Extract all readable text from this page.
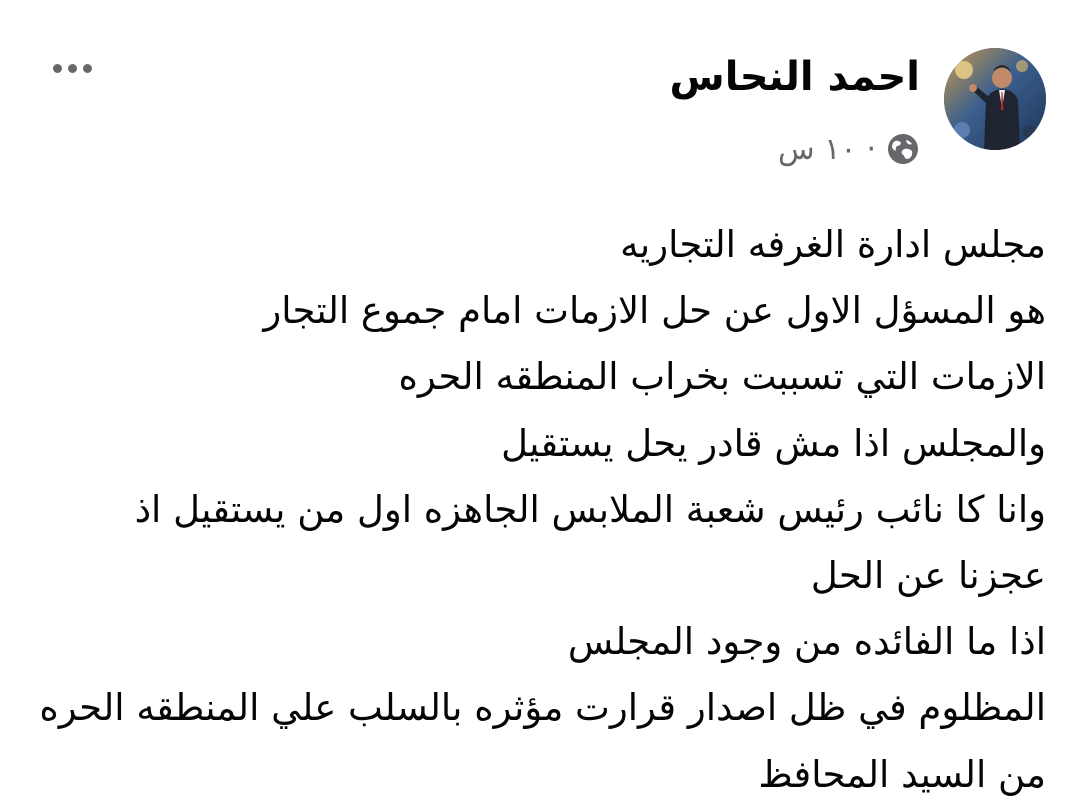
احمد النحاس
١٠ س ·
مجلس ادارة الغرفه التجاريه
هو المسؤل الاول عن حل الازمات امام جموع التجار
الازمات التي تسببت بخراب المنطقه الحره
والمجلس اذا مش قادر يحل يستقيل
وانا كا نائب رئيس شعبة الملابس الجاهزه اول من يستقيل اذ
عجزنا عن الحل
اذا ما الفائده من وجود المجلس
المظلوم في ظل اصدار قرارت مؤثره بالسلب علي المنطقه الحره
من السيد المحافظ
